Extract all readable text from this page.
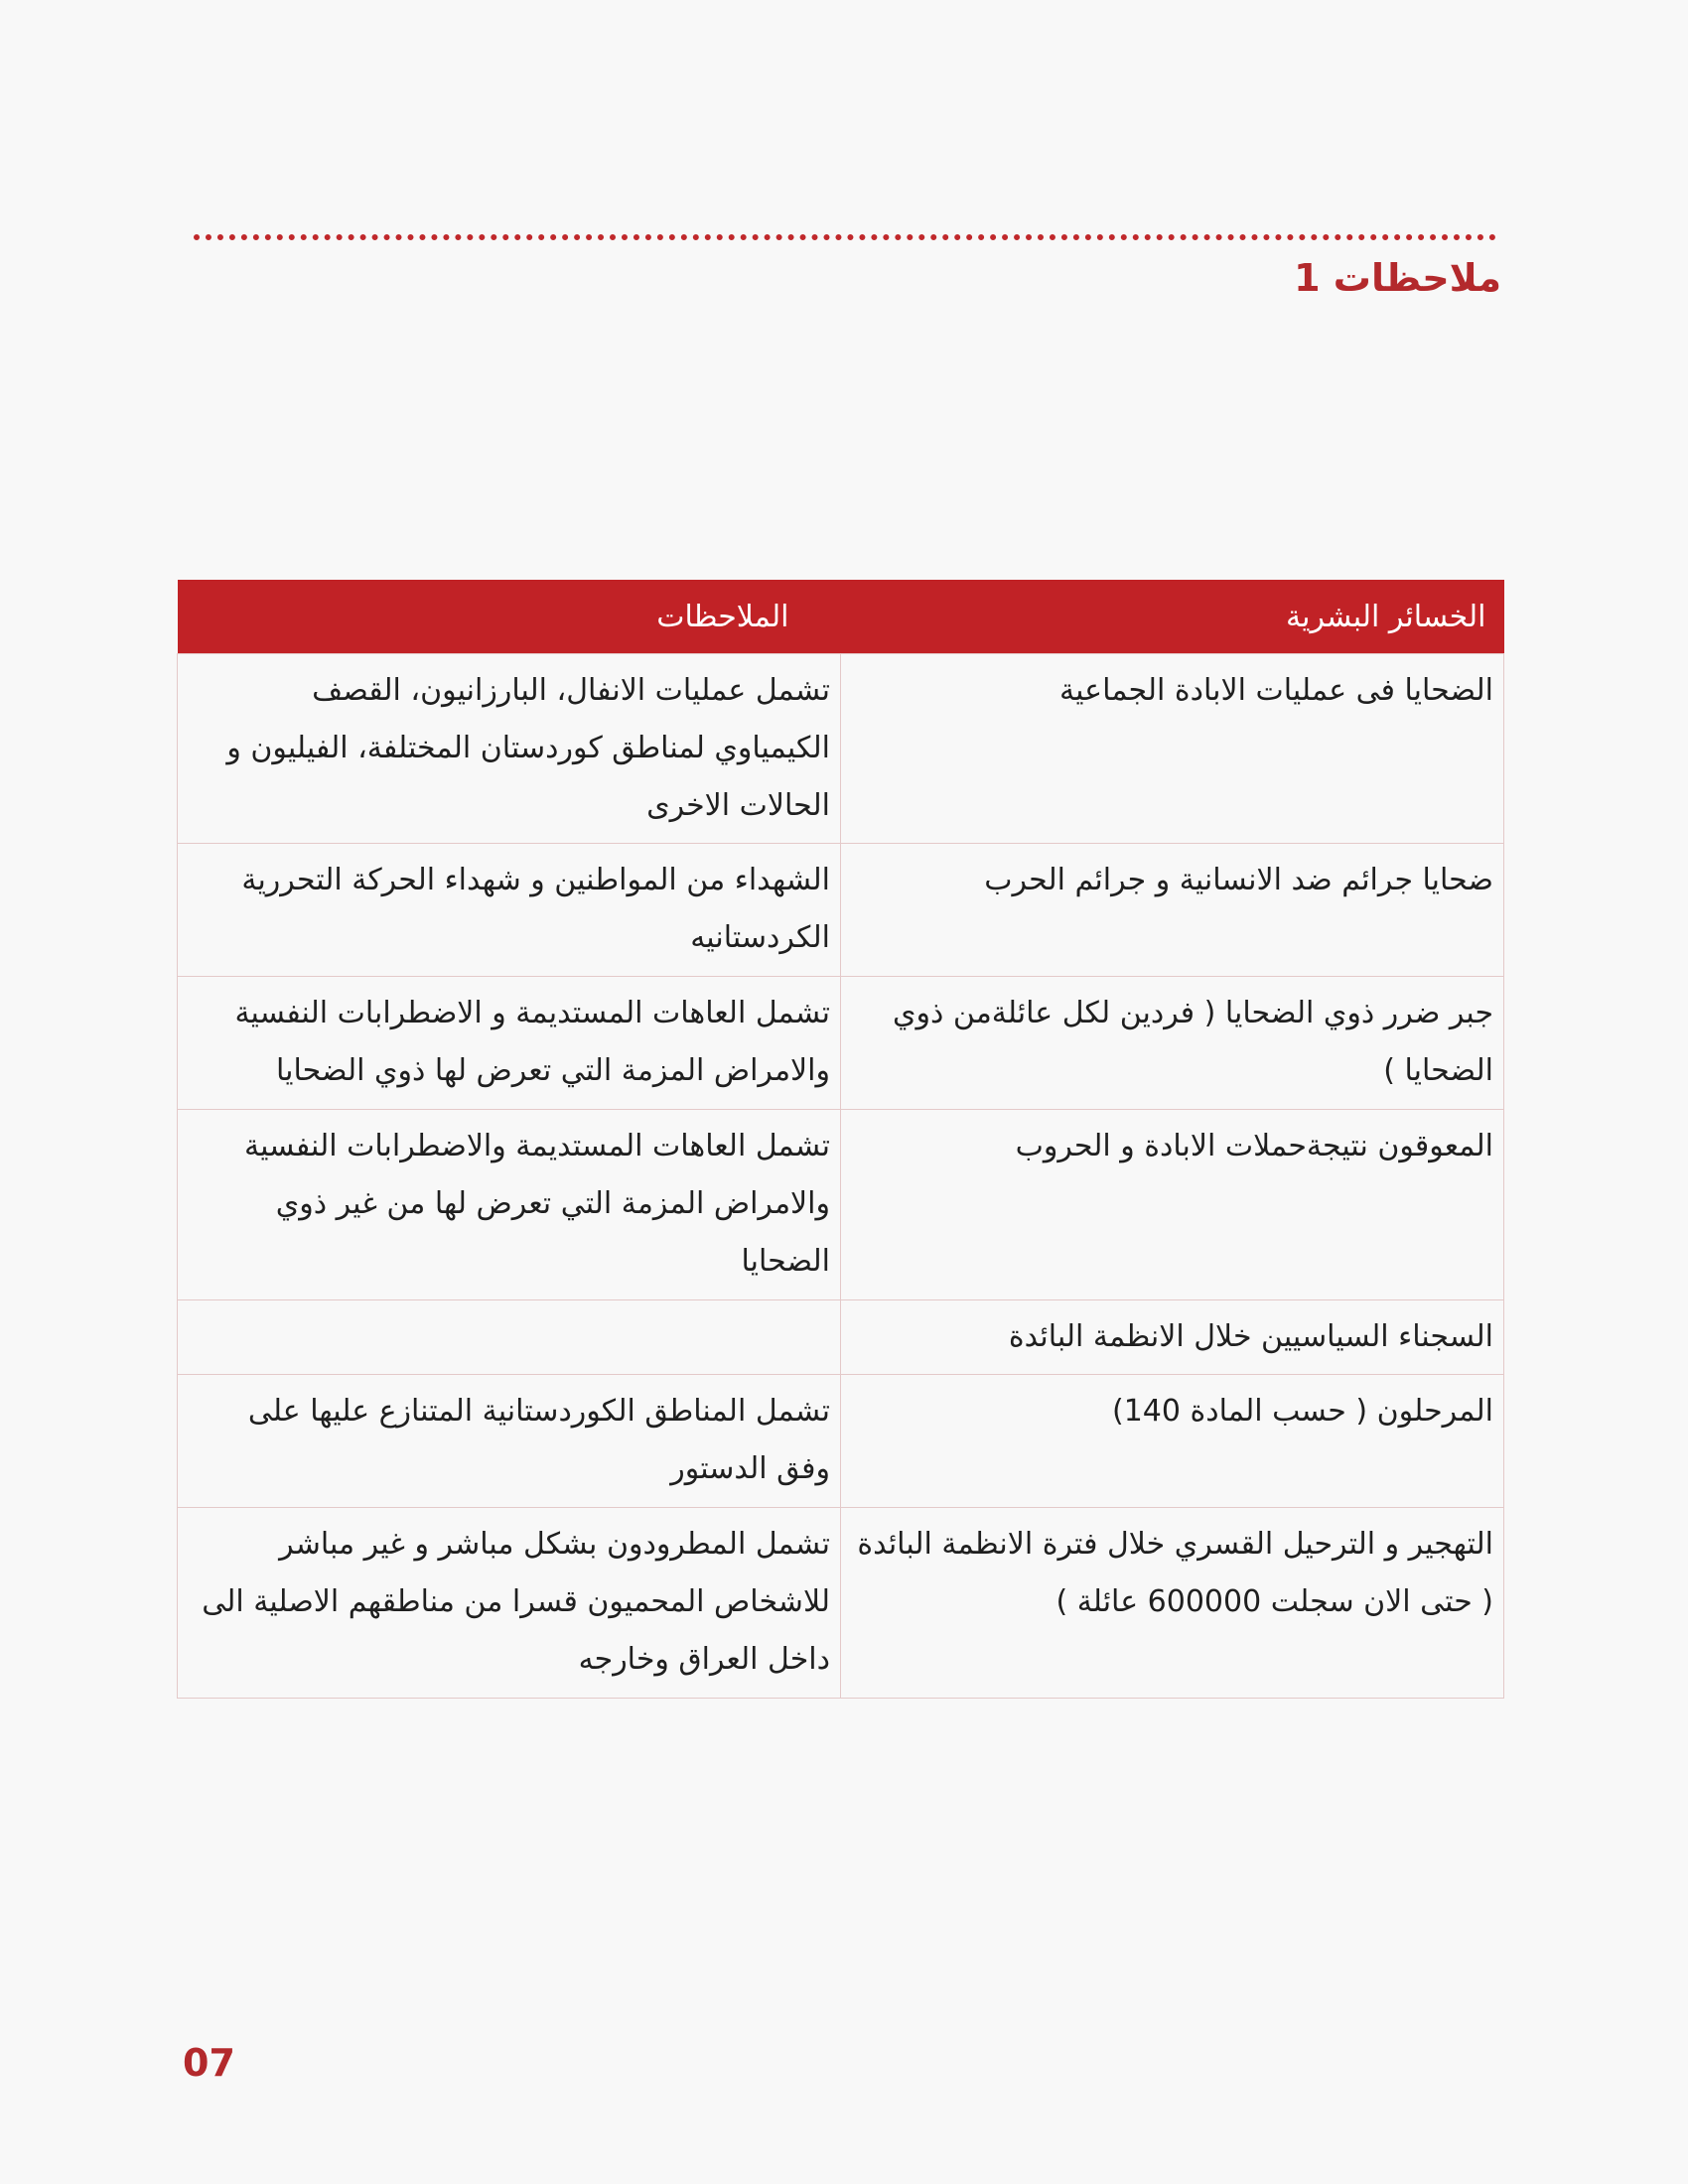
ملاحظات 1
الخسائر البشرية	الملاحظات
الضحايا فى عمليات الابادة الجماعية	تشمل عمليات الانفال، البارزانيون، القصف الكيمياوي لمناطق كوردستان المختلفة، الفيليون و الحالات الاخرى
ضحايا جرائم ضد الانسانية و جرائم الحرب	الشهداء من المواطنين و شهداء الحركة التحررية الكردستانيه
جبر ضرر ذوي الضحايا ( فردين لكل عائلةمن ذوي الضحايا )	تشمل العاهات المستديمة و الاضطرابات النفسية والامراض المزمة التي تعرض لها ذوي الضحايا
المعوقون نتيجةحملات الابادة و الحروب	تشمل العاهات المستديمة والاضطرابات النفسية والامراض المزمة التي تعرض لها من غير ذوي الضحايا
السجناء السياسيين خلال الانظمة البائدة	
المرحلون ( حسب المادة 140)	تشمل المناطق الكوردستانية المتنازع عليها على وفق الدستور
التهجير و الترحيل القسري خلال فترة الانظمة البائدة ( حتى الان سجلت 600000 عائلة )	تشمل المطرودون بشكل مباشر و غير مباشر للاشخاص المحميون قسرا من مناطقهم الاصلية الى داخل العراق وخارجه
07
